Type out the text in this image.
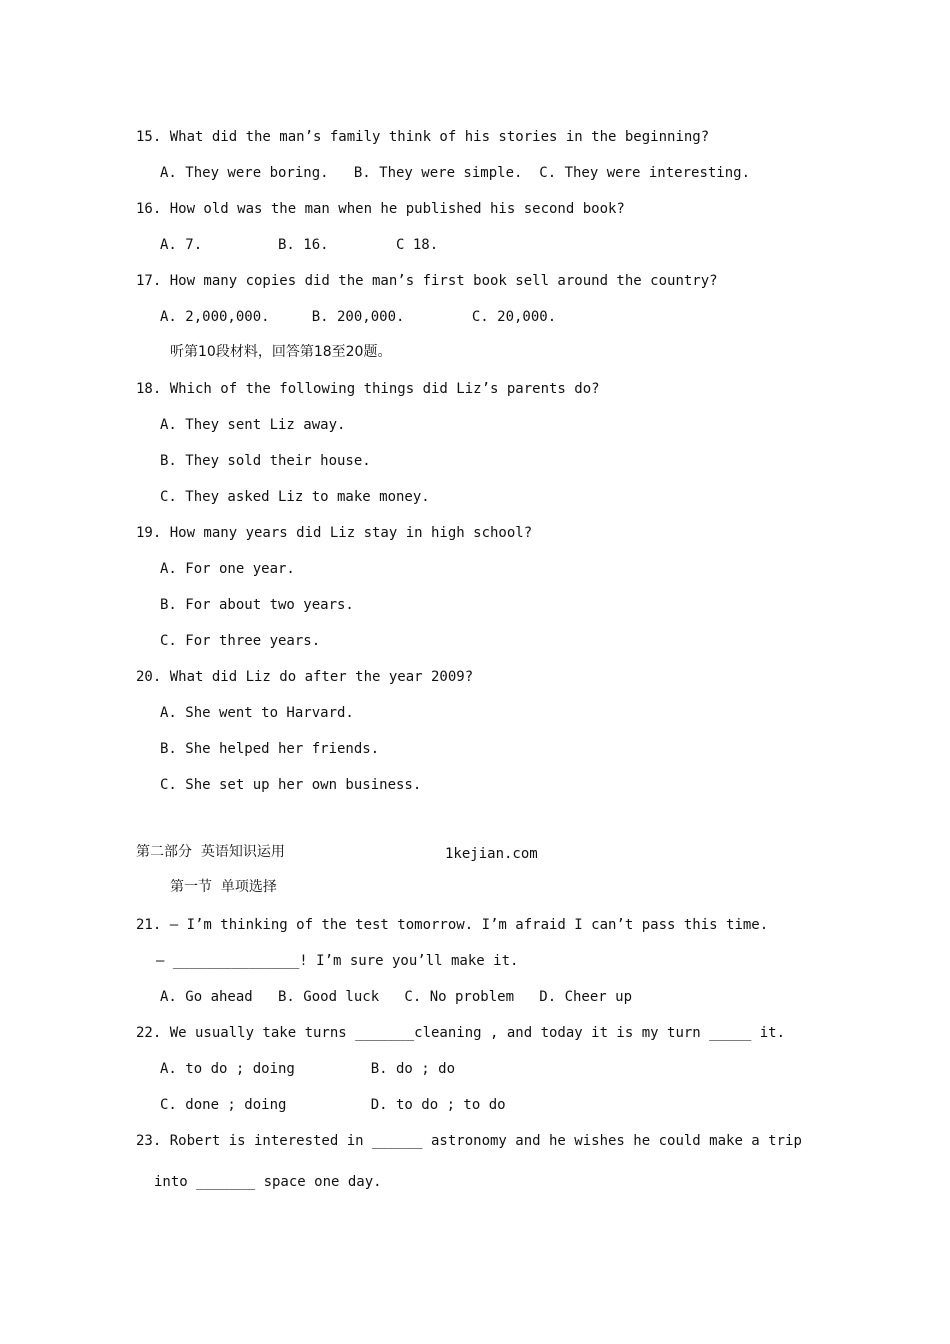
15. What did the man’s family think of his stories in the beginning?
A. They were boring.   B. They were simple.  C. They were interesting.
16. How old was the man when he published his second book?
A. 7.         B. 16.        C 18.
17. How many copies did the man’s first book sell around the country?
A. 2,000,000.     B. 200,000.        C. 20,000.
听第10段材料，回答第18至20题。
18. Which of the following things did Liz’s parents do?
A. They sent Liz away.
B. They sold their house.
C. They asked Liz to make money.
19. How many years did Liz stay in high school?
A. For one year.
B. For about two years.
C. For three years.
20. What did Liz do after the year 2009?
A. She went to Harvard.
B. She helped her friends.
C. She set up her own business.
第二部分  英语知识运用	1kejian.com
第一节  单项选择
21. – I’m thinking of the test tomorrow. I’m afraid I can’t pass this time.
– _______________! I’m sure you’ll make it.
A. Go ahead   B. Good luck   C. No problem   D. Cheer up
22. We usually take turns _______cleaning , and today it is my turn _____ it.
A. to do ; doing         B. do ; do
C. done ; doing          D. to do ; to do
23. Robert is interested in ______ astronomy and he wishes he could make a trip
into _______ space one day.
